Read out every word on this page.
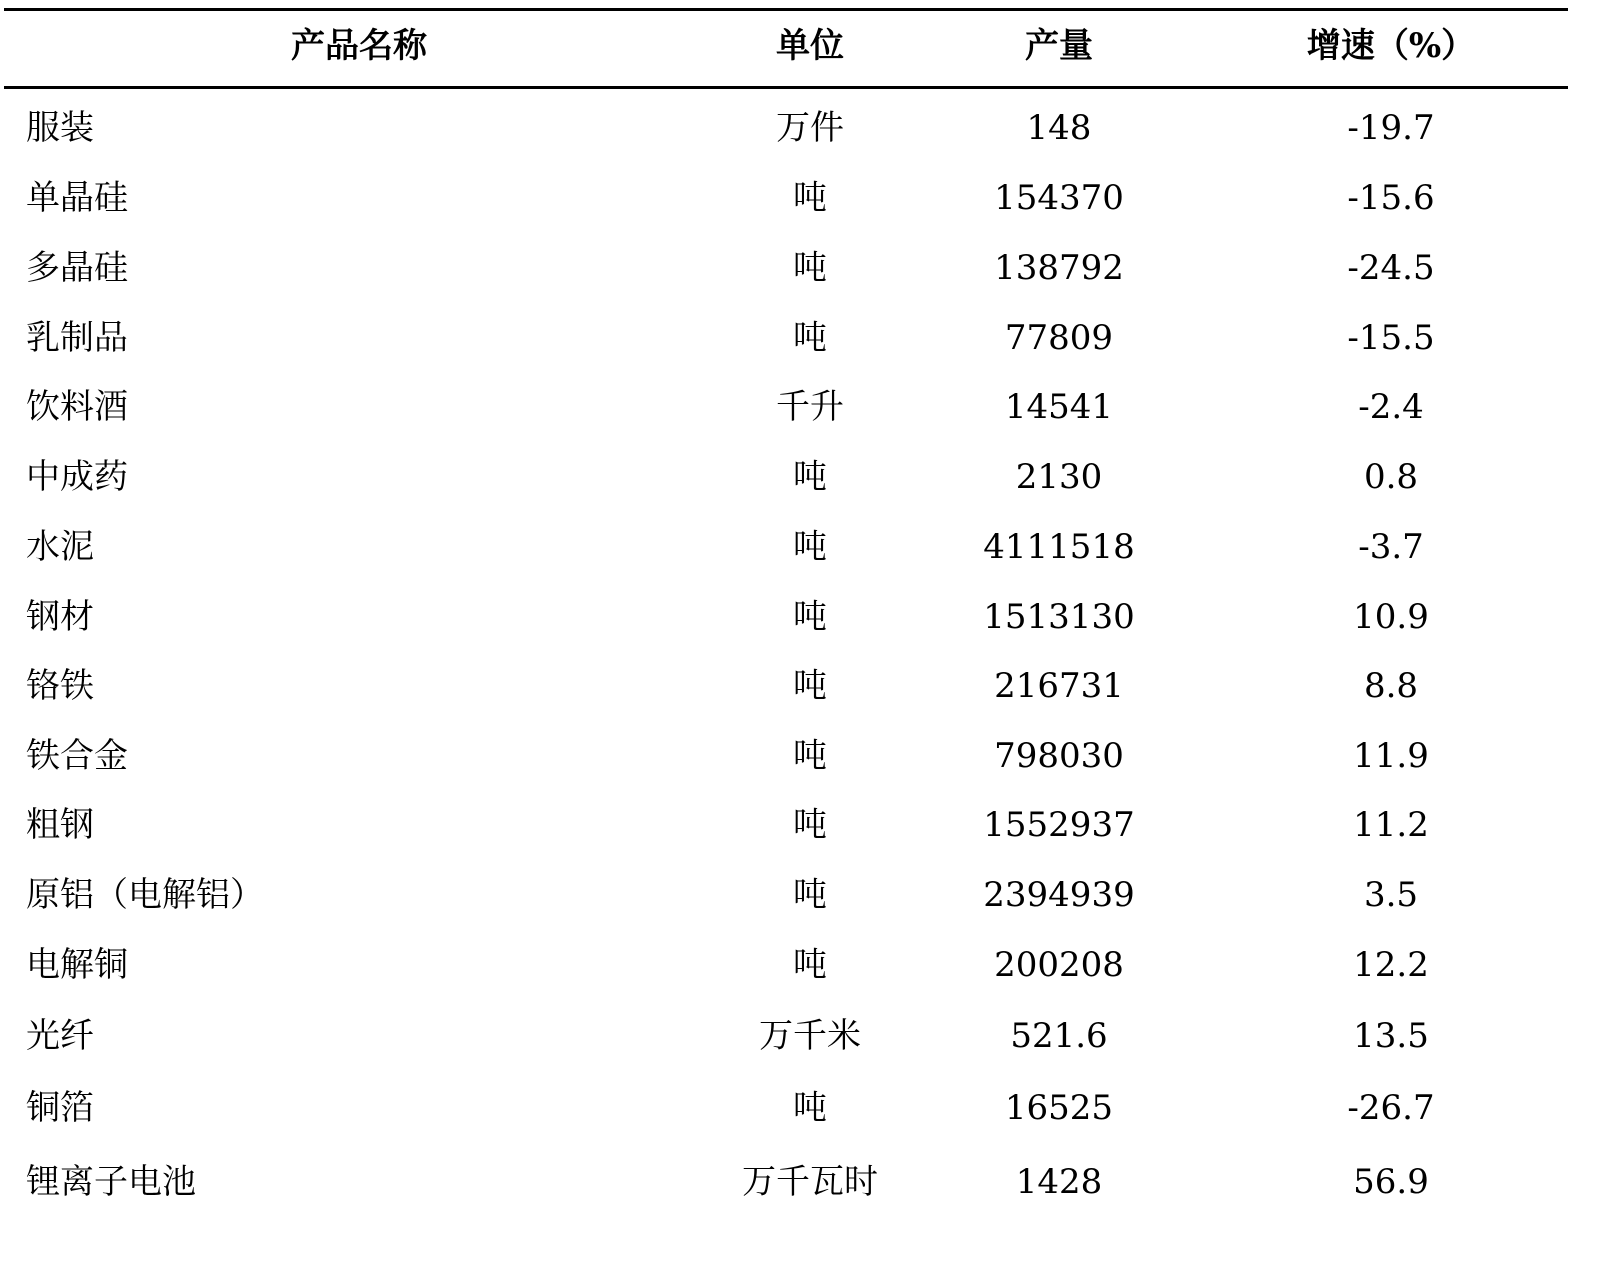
产品名称	单位	产量	增速（%）
服装	万件	148	-19.7
单晶硅	吨	154370	-15.6
多晶硅	吨	138792	-24.5
乳制品	吨	77809	-15.5
饮料酒	千升	14541	-2.4
中成药	吨	2130	0.8
水泥	吨	4111518	-3.7
钢材	吨	1513130	10.9
铬铁	吨	216731	8.8
铁合金	吨	798030	11.9
粗钢	吨	1552937	11.2
原铝（电解铝）	吨	2394939	3.5
电解铜	吨	200208	12.2
光纤	万千米	521.6	13.5
铜箔	吨	16525	-26.7
锂离子电池	万千瓦时	1428	56.9
